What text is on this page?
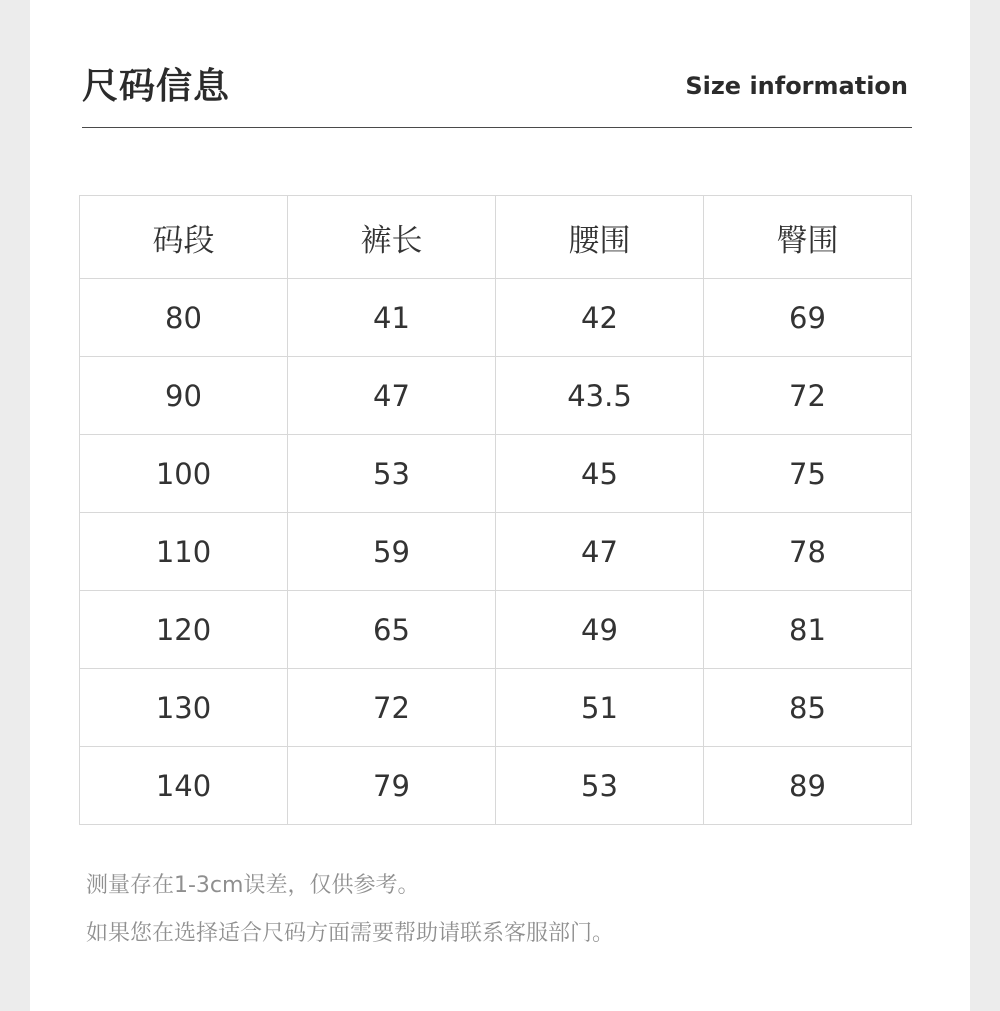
尺码信息	Size information
码段	裤长	腰围	臀围
80	41	42	69
90	47	43.5	72
100	53	45	75
110	59	47	78
120	65	49	81
130	72	51	85
140	79	53	89
测量存在1-3cm误差，仅供参考。
如果您在选择适合尺码方面需要帮助请联系客服部门。
